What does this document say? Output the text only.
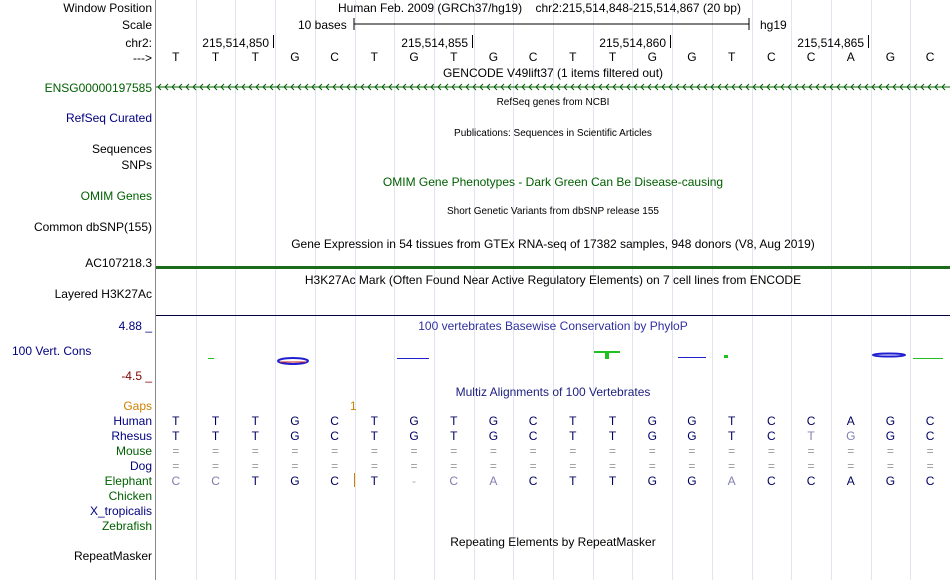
Window Position
Scale
chr2:
--->
ENSG00000197585
RefSeq Curated
Sequences
SNPs
OMIM Genes
Common dbSNP(155)
AC107218.3
Layered H3K27Ac
4.88 _
100 Vert. Cons
-4.5 _
Gaps
Human
Rhesus
Mouse
Dog
Elephant
Chicken
X_tropicalis
Zebrafish
RepeatMasker
Human Feb. 2009 (GRCh37/hg19) chr2:215,514,848-215,514,867 (20 bp)
10 bases	hg19
215,514,850	215,514,855	215,514,860	215,514,865
T	T	T	G	C	T	G	T	G	C	T	T	G	G	T	C	C	A	G	C
GENCODE V49lift37 (1 items filtered out)
RefSeq genes from NCBI
Publications: Sequences in Scientific Articles
OMIM Gene Phenotypes - Dark Green Can Be Disease-causing
Short Genetic Variants from dbSNP release 155
Gene Expression in 54 tissues from GTEx RNA-seq of 17382 samples, 948 donors (V8, Aug 2019)
H3K27Ac Mark (Often Found Near Active Regulatory Elements) on 7 cell lines from ENCODE
100 vertebrates Basewise Conservation by PhyloP
Multiz Alignments of 100 Vertebrates
1
T	T	T	G	C	T	G	T	G	C	T	T	G	G	T	C	C	A	G	C
T	T	T	G	C	T	G	T	G	C	T	T	G	G	T	C	T	G	G	C
=	=	=	=	=	=	=	=	=	=	=	=	=	=	=	=	=	=	=	=
=	=	=	=	=	=	=	=	=	=	=	=	=	=	=	=	=	=	=	=
C	C	T	G	C	T	-	C	A	C	T	T	G	G	A	C	C	A	G	C
Repeating Elements by RepeatMasker
